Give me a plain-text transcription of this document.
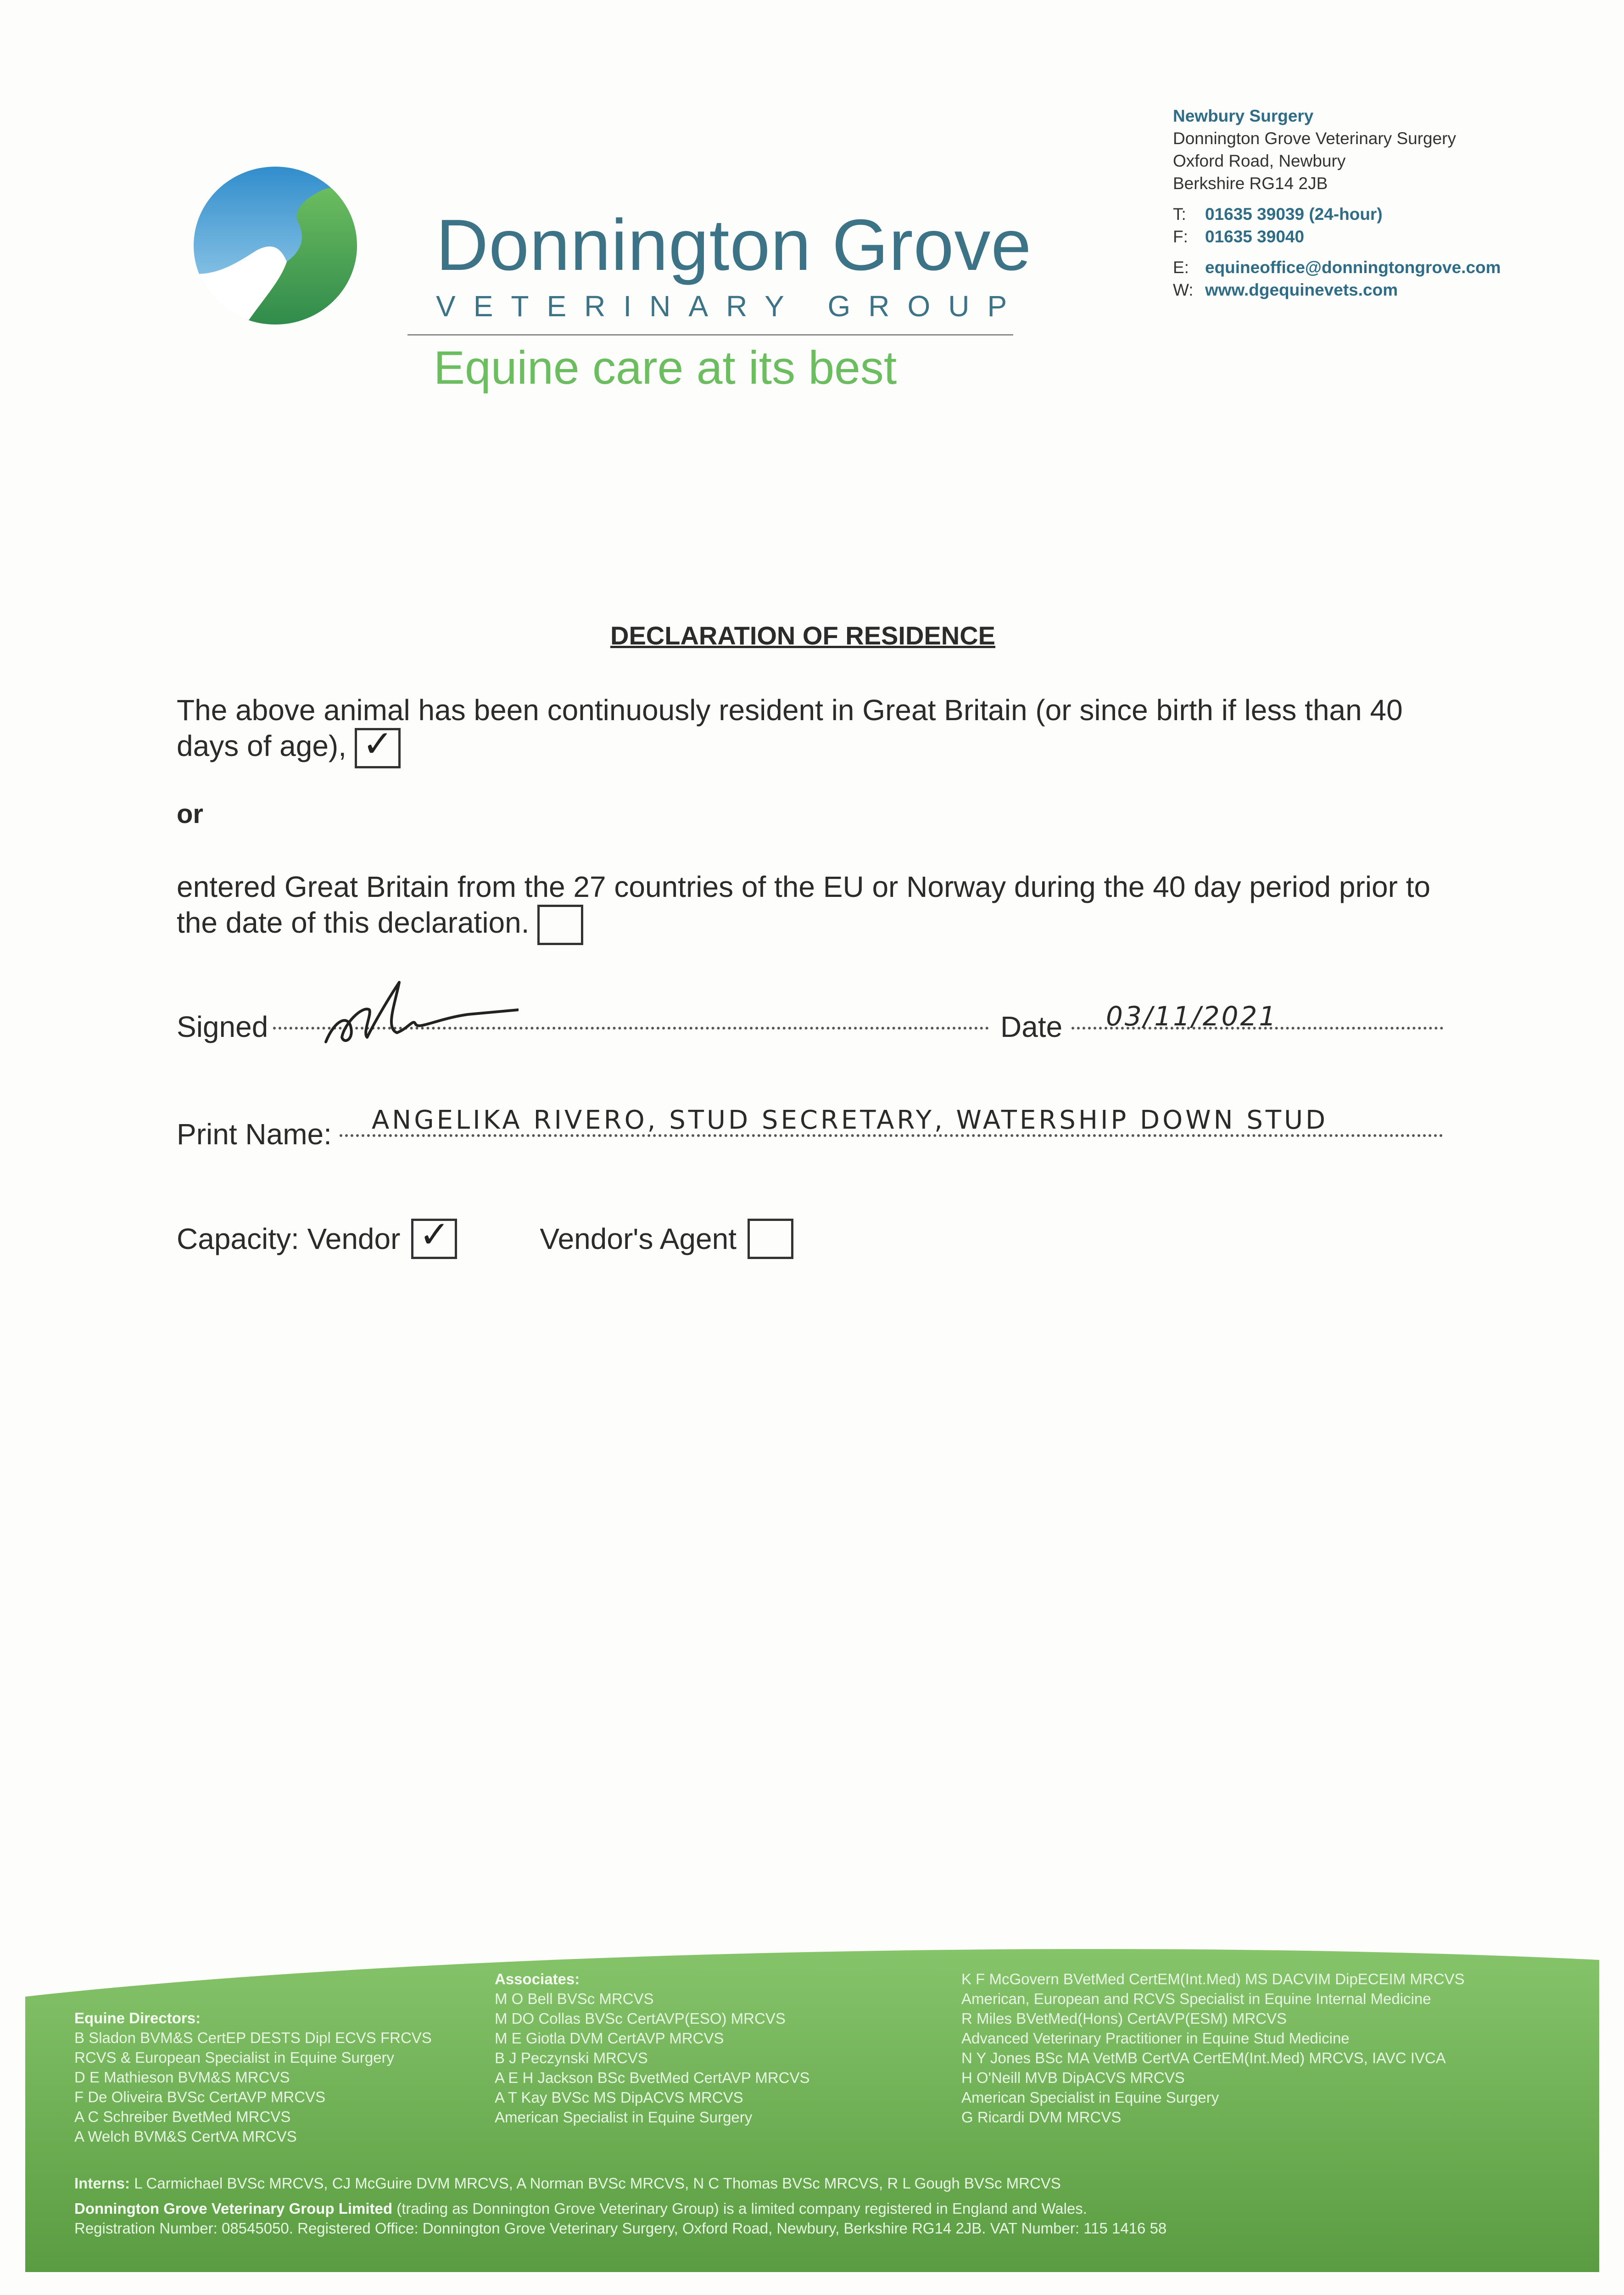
Donnington Grove
VETERINARY GROUP
Equine care at its best
Newbury Surgery
Donnington Grove Veterinary Surgery
Oxford Road, Newbury
Berkshire RG14 2JB
T: 01635 39039 (24-hour)
F: 01635 39040
E: equineoffice@donningtongrove.com
W: www.dgequinevets.com
DECLARATION OF RESIDENCE
The above animal has been continuously resident in Great Britain (or since birth if less than 40 days of age), ✓
or
entered Great Britain from the 27 countries of the EU or Norway during the 40 day period prior to the date of this declaration.
Signed	Date 03/11/2021
Print Name: ANGELIKA RIVERO, STUD SECRETARY, WATERSHIP DOWN STUD
Capacity: Vendor ✓	Vendor's Agent
Equine Directors:
B Sladon BVM&S CertEP DESTS Dipl ECVS FRCVS
RCVS & European Specialist in Equine Surgery
D E Mathieson BVM&S MRCVS
F De Oliveira BVSc CertAVP MRCVS
A C Schreiber BvetMed MRCVS
A Welch BVM&S CertVA MRCVS
Associates:
M O Bell BVSc MRCVS
M DO Collas BVSc CertAVP(ESO) MRCVS
M E Giotla DVM CertAVP MRCVS
B J Peczynski MRCVS
A E H Jackson BSc BvetMed CertAVP MRCVS
A T Kay BVSc MS DipACVS MRCVS
American Specialist in Equine Surgery
K F McGovern BVetMed CertEM(Int.Med) MS DACVIM DipECEIM MRCVS
American, European and RCVS Specialist in Equine Internal Medicine
R Miles BVetMed(Hons) CertAVP(ESM) MRCVS
Advanced Veterinary Practitioner in Equine Stud Medicine
N Y Jones BSc MA VetMB CertVA CertEM(Int.Med) MRCVS, IAVC IVCA
H O'Neill MVB DipACVS MRCVS
American Specialist in Equine Surgery
G Ricardi DVM MRCVS
Interns: L Carmichael BVSc MRCVS, CJ McGuire DVM MRCVS, A Norman BVSc MRCVS, N C Thomas BVSc MRCVS, R L Gough BVSc MRCVS
Donnington Grove Veterinary Group Limited (trading as Donnington Grove Veterinary Group) is a limited company registered in England and Wales.
Registration Number: 08545050. Registered Office: Donnington Grove Veterinary Surgery, Oxford Road, Newbury, Berkshire RG14 2JB. VAT Number: 115 1416 58
